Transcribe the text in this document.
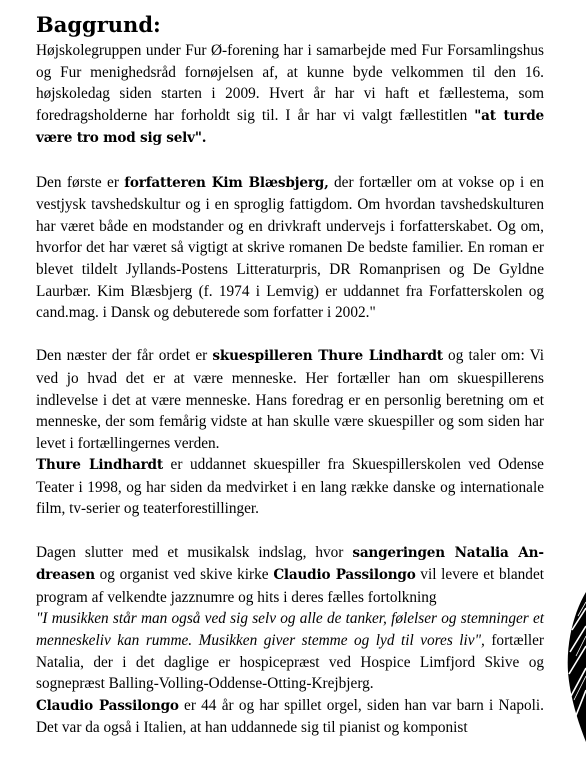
Baggrund:

Højskolegruppen under Fur Ø-forening har i samarbejde med Fur Forsamlingshus og Fur menighedsråd fornøjelsen af, at kunne byde velkommen til den 16. højskoledag siden starten i 2009. Hvert år har vi haft et fællestema, som foredragsholderne har forholdt sig til. I år har vi valgt fællestitlen "at turde være tro mod sig selv".

Den første er forfatteren Kim Blæsbjerg, der fortæller om at vokse op i en vestjysk tavshedskultur og i en sproglig fattigdom. Om hvordan tavshedskulturen har været både en modstander og en drivkraft undervejs i forfatterskabet. Og om, hvorfor det har været så vigtigt at skrive romanen De bedste familier. En roman er blevet tildelt Jyllands-Postens Litteraturpris, DR Romanprisen og De Gyldne Laurbær. Kim Blæsbjerg (f. 1974 i Lemvig) er uddannet fra Forfatterskolen og cand.mag. i Dansk og debuterede som forfatter i 2002."

Den næster der får ordet er skuespilleren Thure Lindhardt og taler om: Vi ved jo hvad det er at være menneske. Her fortæller han om skuespillerens indlevelse i det at være menneske. Hans foredrag er en personlig beretning om et menneske, der som femårig vidste at han skulle være skuespiller og som siden har levet i fortællingernes verden.

Thure Lindhardt er uddannet skuespiller fra Skuespillerskolen ved Odense Teater i 1998, og har siden da medvirket i en lang række danske og internationale film, tv-serier og teaterforestillinger.

Dagen slutter med et musikalsk indslag, hvor sangeringen Natalia Andreasen og organist ved skive kirke Claudio Passilongo vil levere et blandet program af velkendte jazznumre og hits i deres fælles fortolkning
"I musikken står man også ved sig selv og alle de tanker, følelser og stemninger et menneskeliv kan rumme. Musikken giver stemme og lyd til vores liv", fortæller Natalia, der i det daglige er hospicepræst ved Hospice Limfjord Skive og sognepræst Balling-Volling-Oddense-Otting-Krejbjerg.

Claudio Passilongo er 44 år og har spillet orgel, siden han var barn i Napoli. Det var da også i Italien, at han uddannede sig til pianist og komponist
